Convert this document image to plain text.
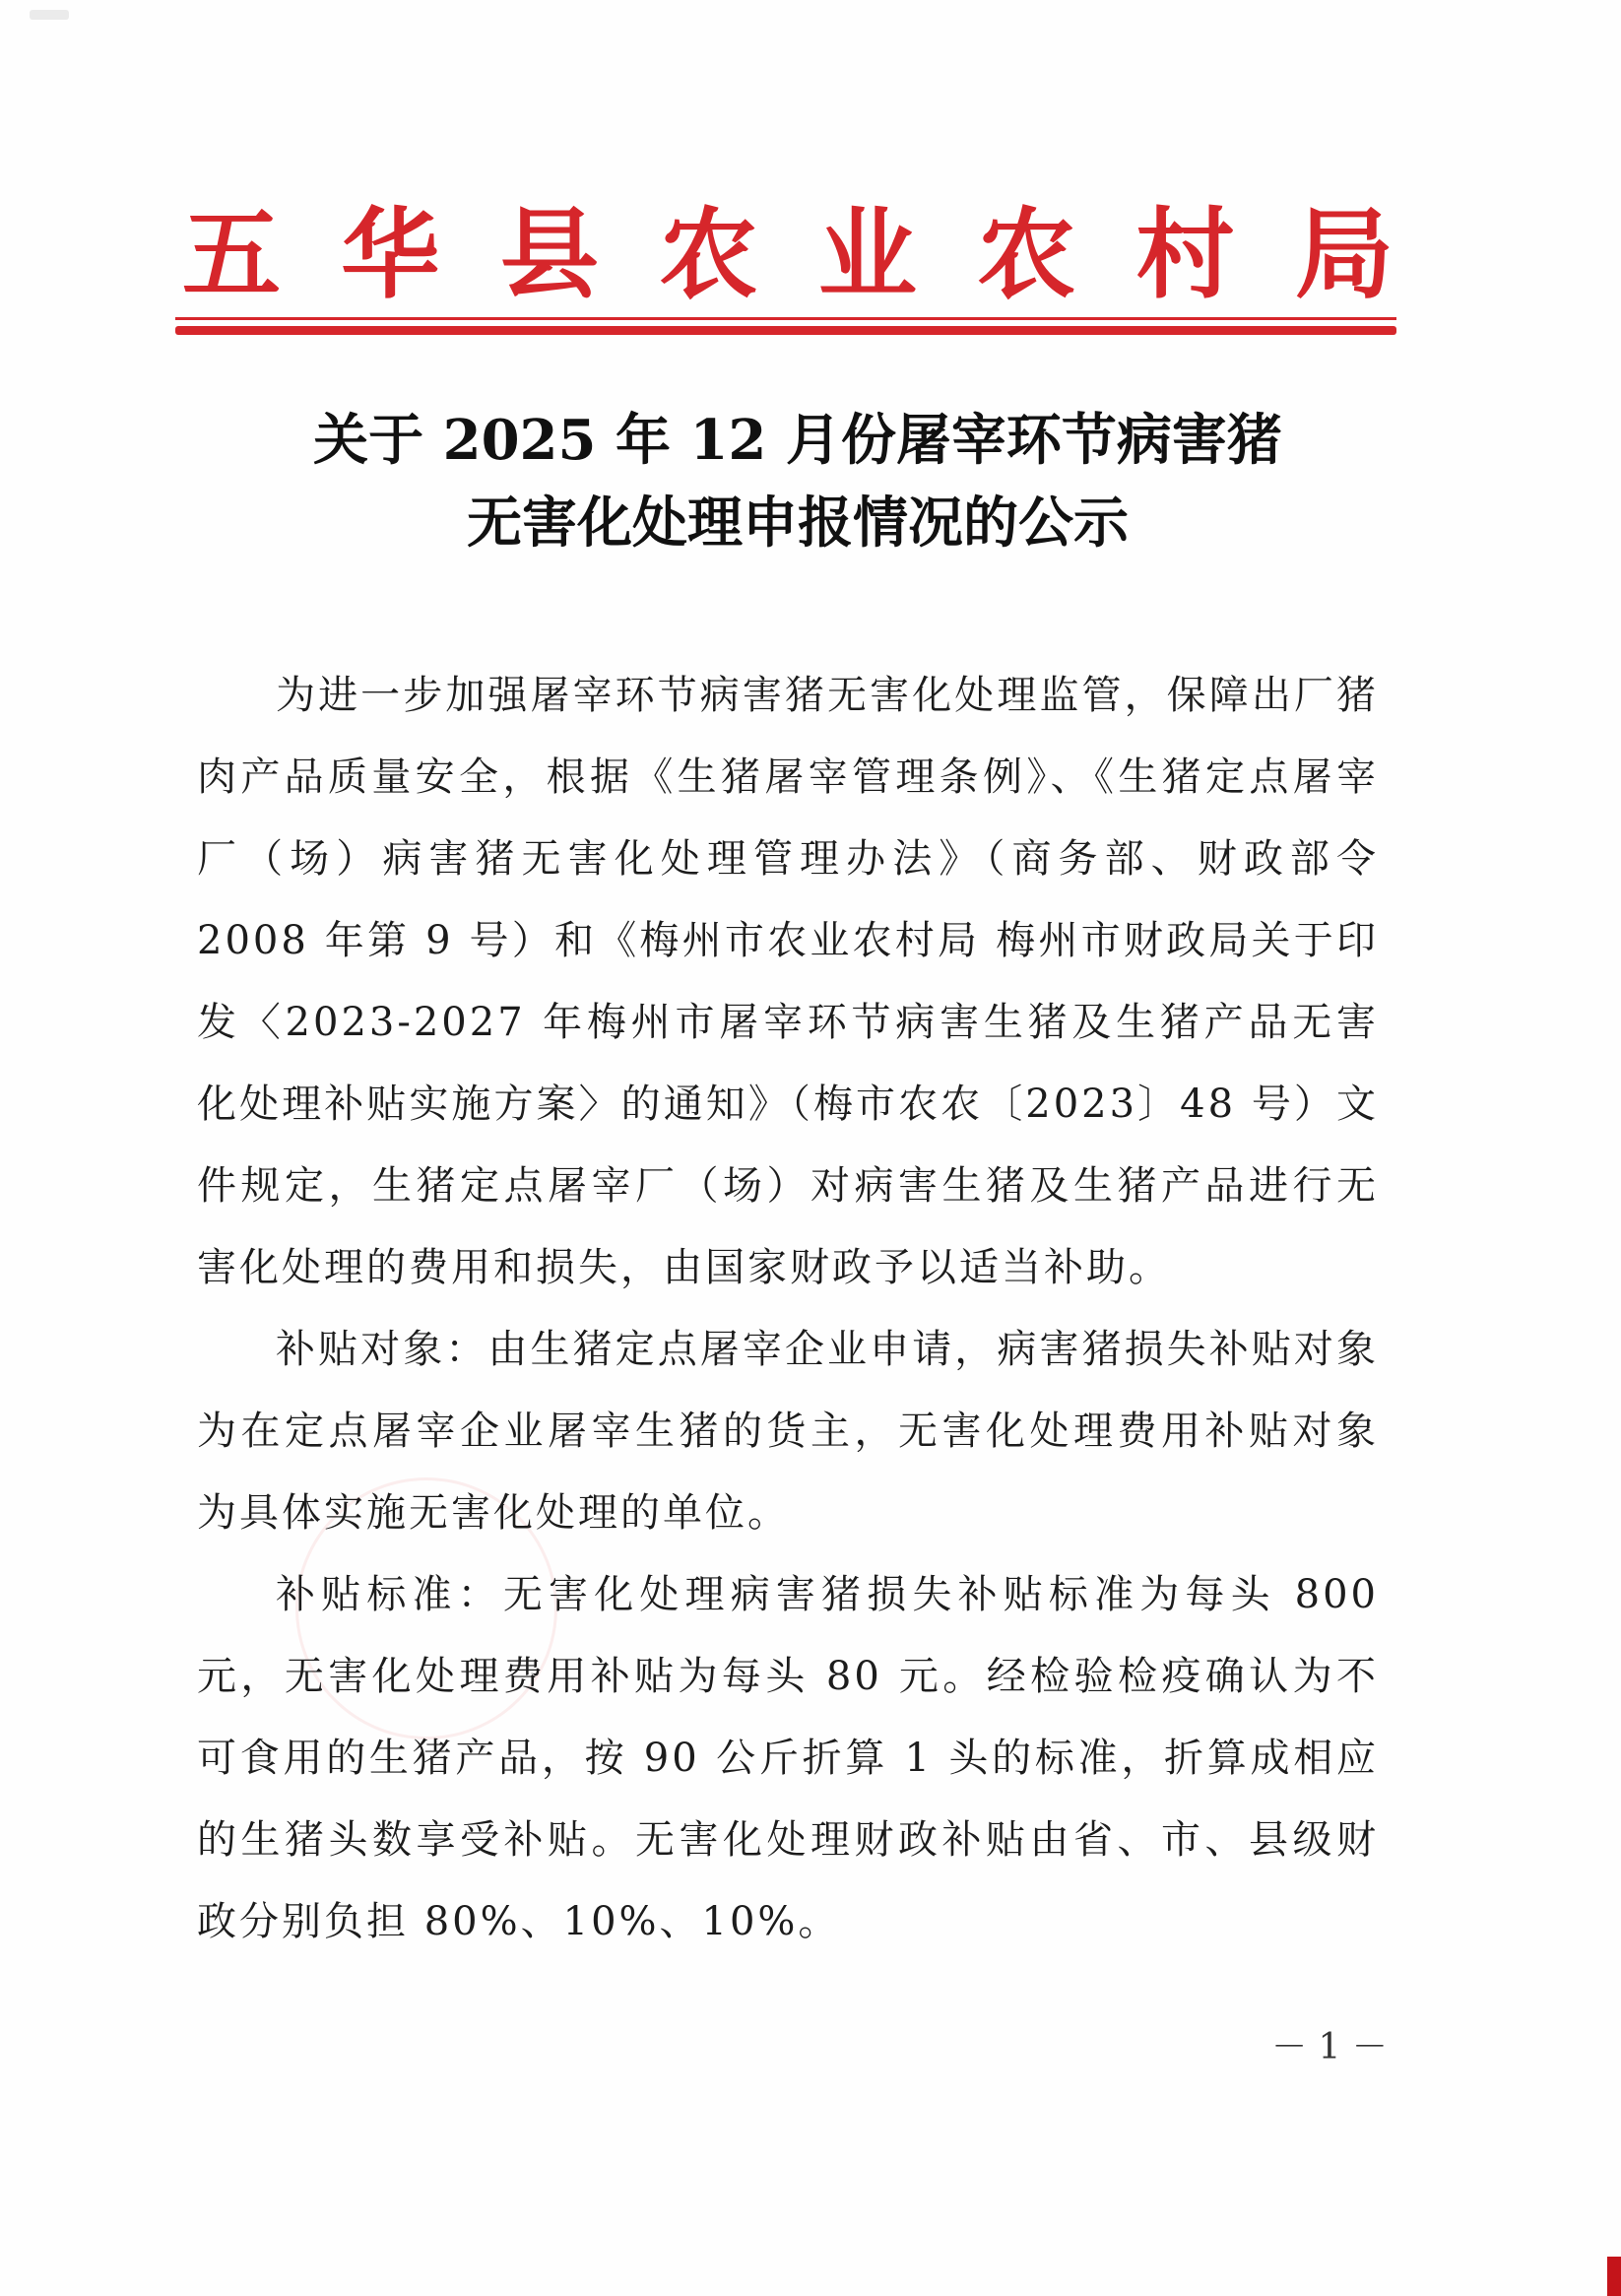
五 华 县 农 业 农 村 局
关于 2025 年 12 月份屠宰环节病害猪
无害化处理申报情况的公示

为进一步加强屠宰环节病害猪无害化处理监管，保障出厂猪肉产品质量安全，根据《生猪屠宰管理条例》、《生猪定点屠宰厂（场）病害猪无害化处理管理办法》（商务部、财政部令 2008 年第 9 号）和《梅州市农业农村局 梅州市财政局关于印发〈2023-2027 年梅州市屠宰环节病害生猪及生猪产品无害化处理补贴实施方案〉的通知》（梅市农农〔2023〕48 号）文件规定，生猪定点屠宰厂（场）对病害生猪及生猪产品进行无害化处理的费用和损失，由国家财政予以适当补助。

补贴对象：由生猪定点屠宰企业申请，病害猪损失补贴对象为在定点屠宰企业屠宰生猪的货主，无害化处理费用补贴对象为具体实施无害化处理的单位。

补贴标准：无害化处理病害猪损失补贴标准为每头 800 元，无害化处理费用补贴为每头 80 元。经检验检疫确认为不可食用的生猪产品，按 90 公斤折算 1 头的标准，折算成相应的生猪头数享受补贴。无害化处理财政补贴由省、市、县级财政分别负担 80%、10%、10%。

－ 1 －
